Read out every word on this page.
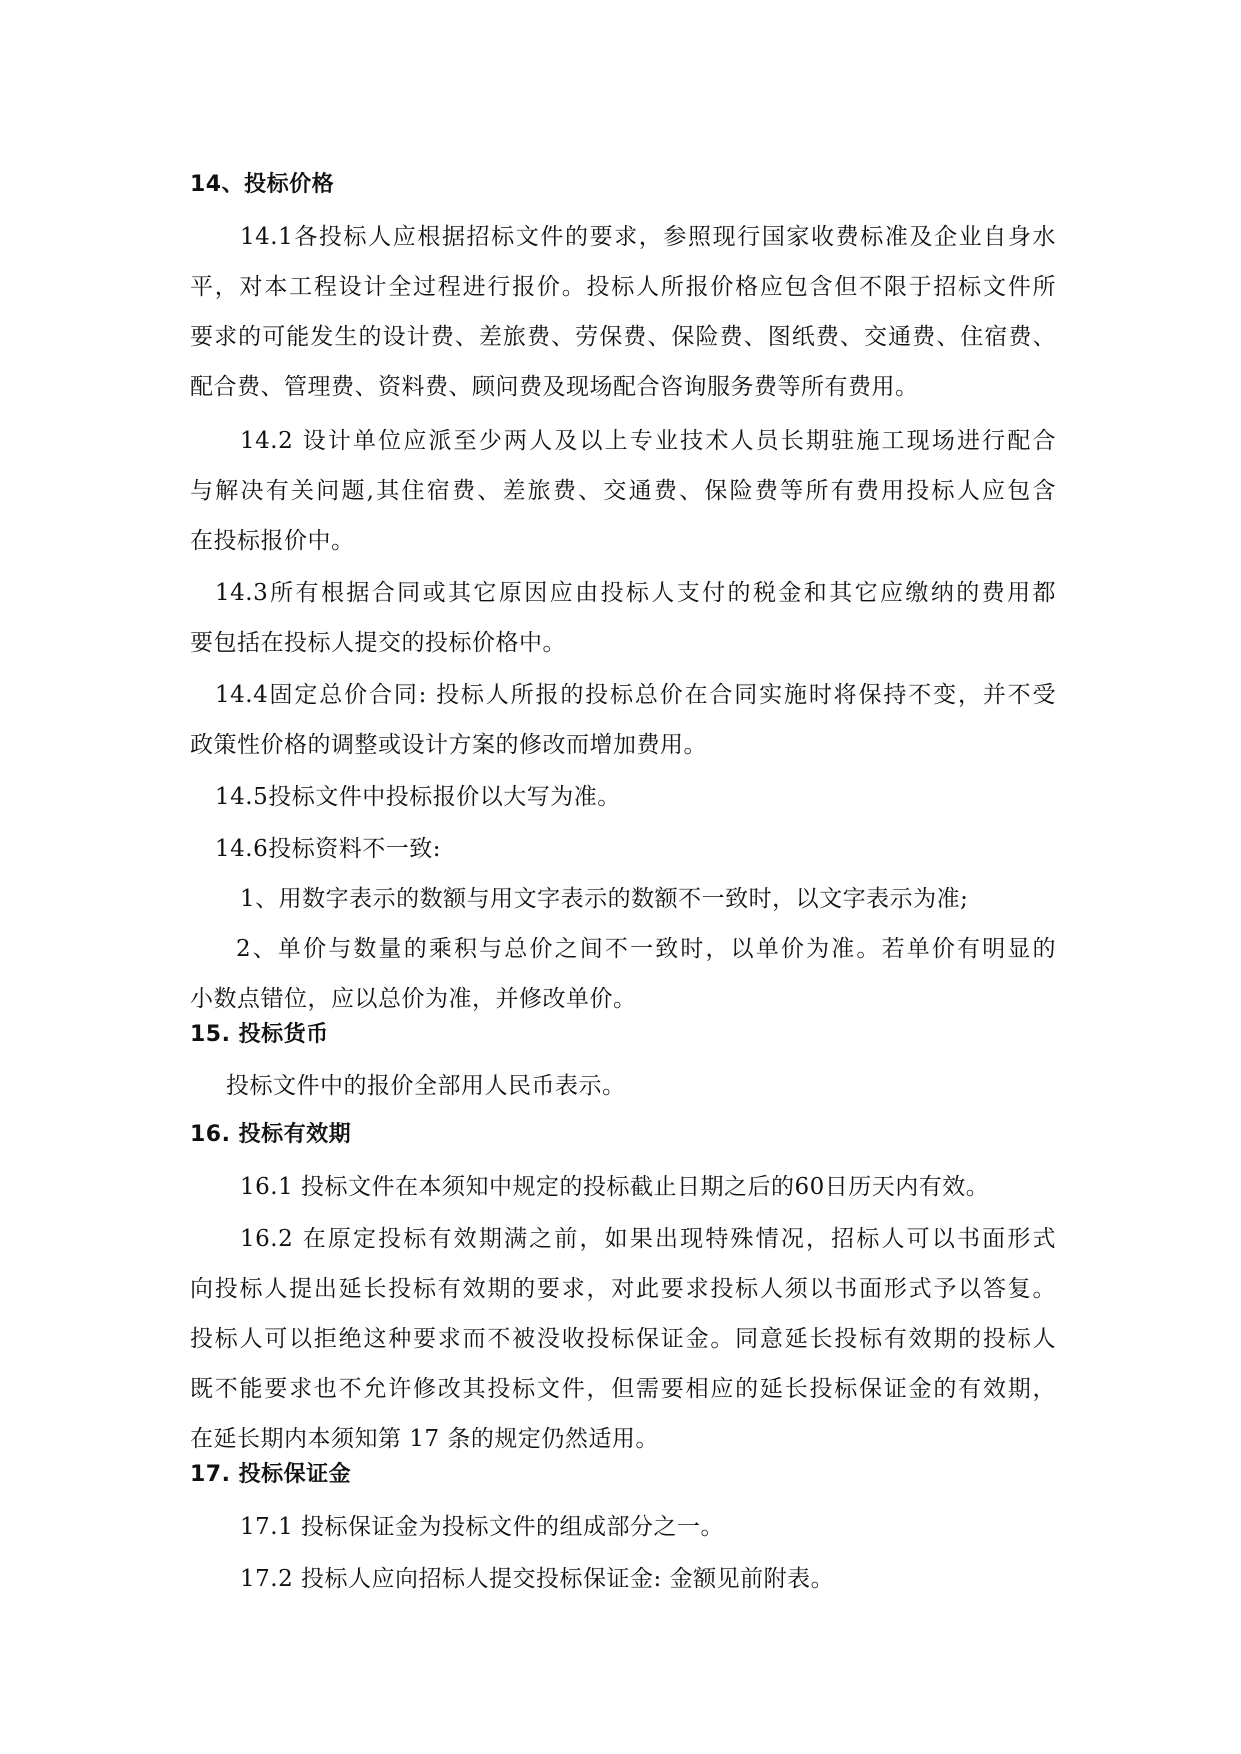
14、投标价格
14.1各投标人应根据招标文件的要求，参照现行国家收费标准及企业自身水
平，对本工程设计全过程进行报价。投标人所报价格应包含但不限于招标文件所
要求的可能发生的设计费、差旅费、劳保费、保险费、图纸费、交通费、住宿费、
配合费、管理费、资料费、顾问费及现场配合咨询服务费等所有费用。
14.2 设计单位应派至少两人及以上专业技术人员长期驻施工现场进行配合
与解决有关问题,其住宿费、差旅费、交通费、保险费等所有费用投标人应包含
在投标报价中。
14.3所有根据合同或其它原因应由投标人支付的税金和其它应缴纳的费用都
要包括在投标人提交的投标价格中。
14.4固定总价合同: 投标人所报的投标总价在合同实施时将保持不变，并不受
政策性价格的调整或设计方案的修改而增加费用。
14.5投标文件中投标报价以大写为准。
14.6投标资料不一致:
1、用数字表示的数额与用文字表示的数额不一致时，以文字表示为准;
2、单价与数量的乘积与总价之间不一致时，以单价为准。若单价有明显的
小数点错位，应以总价为准，并修改单价。
15. 投标货币
投标文件中的报价全部用人民币表示。
16. 投标有效期
16.1 投标文件在本须知中规定的投标截止日期之后的60日历天内有效。
16.2 在原定投标有效期满之前，如果出现特殊情况，招标人可以书面形式
向投标人提出延长投标有效期的要求，对此要求投标人须以书面形式予以答复。
投标人可以拒绝这种要求而不被没收投标保证金。同意延长投标有效期的投标人
既不能要求也不允许修改其投标文件，但需要相应的延长投标保证金的有效期，
在延长期内本须知第 17 条的规定仍然适用。
17. 投标保证金
17.1 投标保证金为投标文件的组成部分之一。
17.2 投标人应向招标人提交投标保证金: 金额见前附表。
